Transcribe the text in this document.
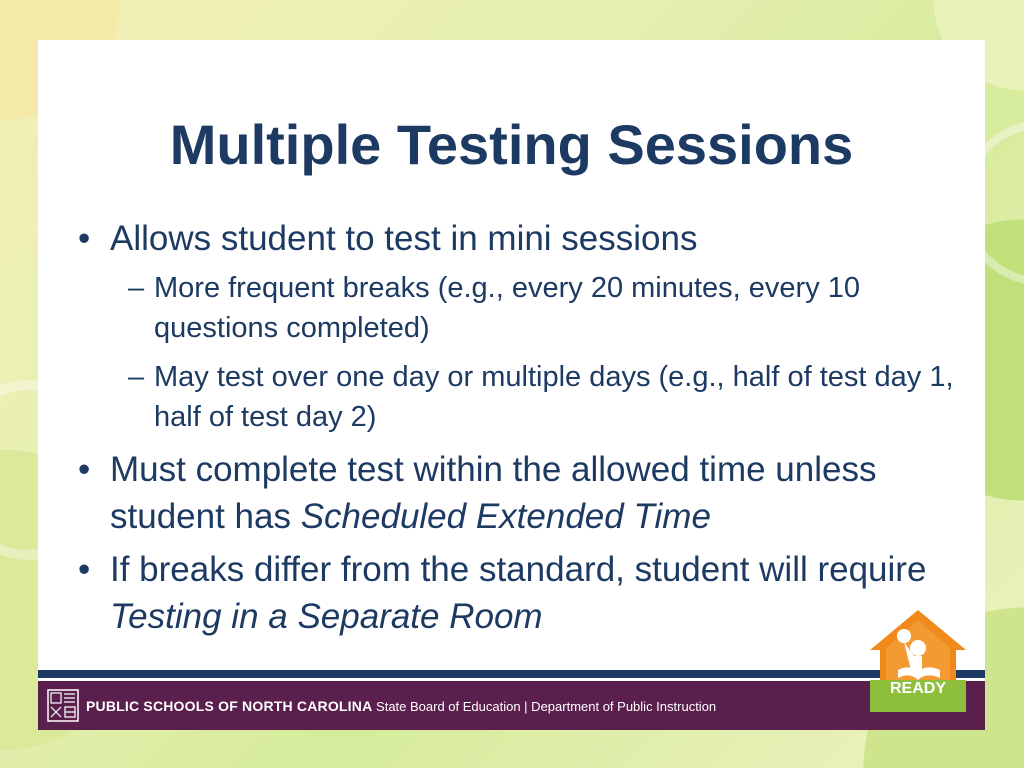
Multiple Testing Sessions
• Allows student to test in mini sessions
– More frequent breaks (e.g., every 20 minutes, every 10 questions completed)
– May test over one day or multiple days (e.g., half of test day 1, half of test day 2)
• Must complete test within the allowed time unless student has Scheduled Extended Time
• If breaks differ from the standard, student will require Testing in a Separate Room
PUBLIC SCHOOLS OF NORTH CAROLINA State Board of Education | Department of Public Instruction
READY
